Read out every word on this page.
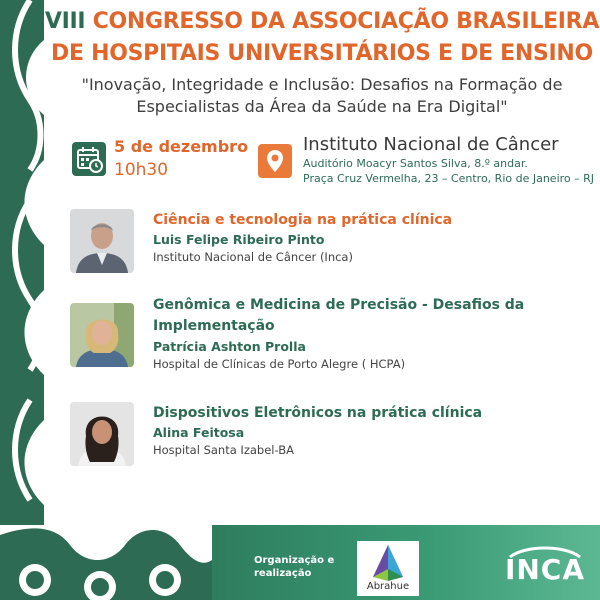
VIII CONGRESSO DA ASSOCIAÇÃO BRASILEIRA
DE HOSPITAIS UNIVERSITÁRIOS E DE ENSINO
"Inovação, Integridade e Inclusão: Desafios na Formação de
Especialistas da Área da Saúde na Era Digital"
5 de dezembro
10h30
Instituto Nacional de Câncer
Auditório Moacyr Santos Silva, 8.º andar.
Praça Cruz Vermelha, 23 – Centro, Rio de Janeiro – RJ
Ciência e tecnologia na prática clínica
Luis Felipe Ribeiro Pinto
Instituto Nacional de Câncer (Inca)
Genômica e Medicina de Precisão - Desafios da
Implementação
Patrícia Ashton Prolla
Hospital de Clínicas de Porto Alegre ( HCPA)
Dispositivos Eletrônicos na prática clínica
Alina Feitosa
Hospital Santa Izabel-BA
Organização e
realização
Abrahue
INCA
